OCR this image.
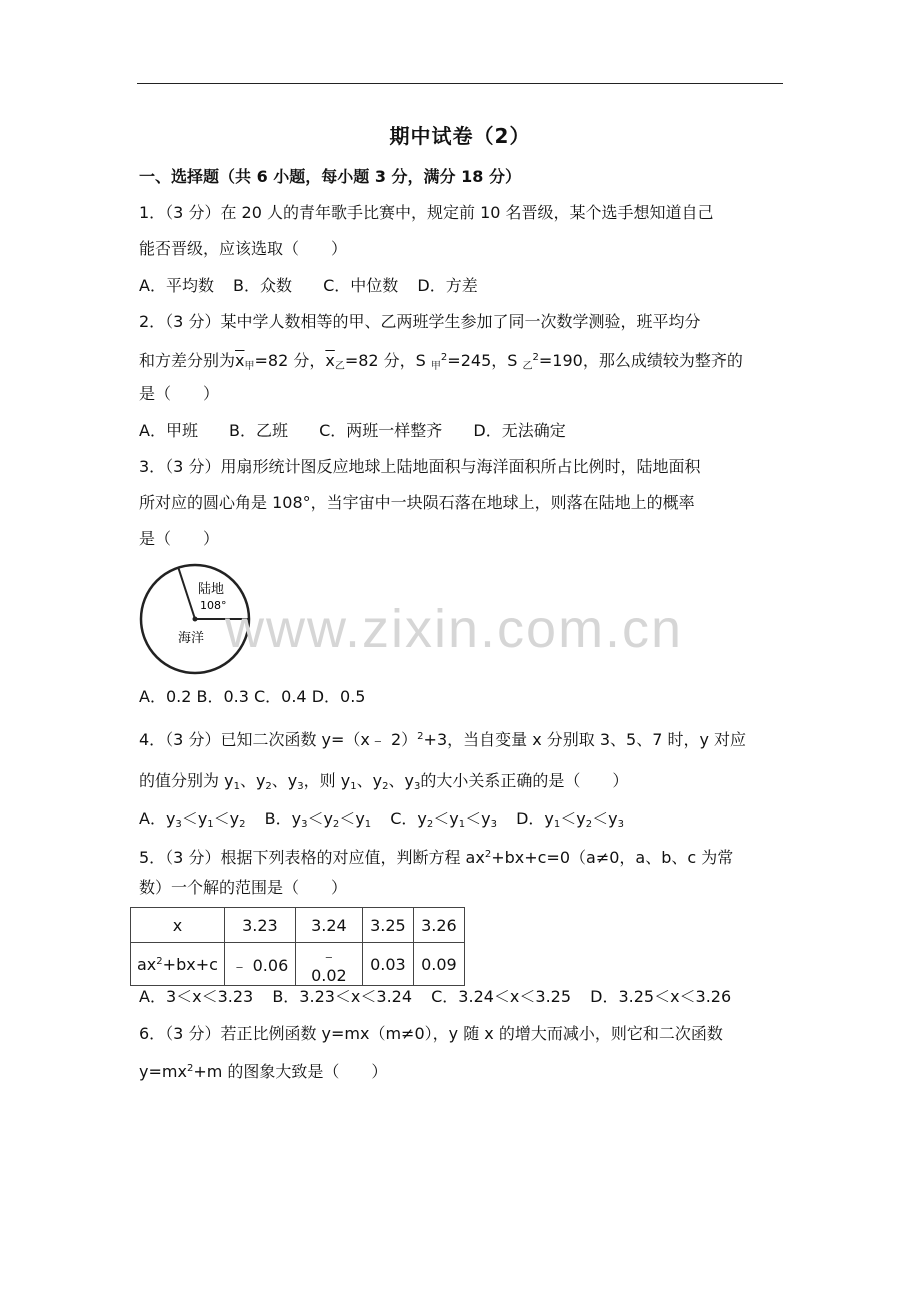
期中试卷（2）
一、选择题（共 6 小题，每小题 3 分，满分 18 分）
1．（3 分）在 20 人的青年歌手比赛中，规定前 10 名晋级，某个选手想知道自己
能否晋级，应该选取（　　）
A．平均数 B．众数 C．中位数 D．方差
2．（3 分）某中学人数相等的甲、乙两班学生参加了同一次数学测验，班平均分
和方差分别为$\overline{x}_甲=82$ 分，$\overline{x}_乙=82$ 分，S $_甲^2$=245，S $_乙^2$=190，那么成绩较为整齐的
是（　　）
A．甲班 B．乙班 C．两班一样整齐 D．无法确定
3．（3 分）用扇形统计图反应地球上陆地面积与海洋面积所占比例时，陆地面积
所对应的圆心角是 108°，当宇宙中一块陨石落在地球上，则落在陆地上的概率
是（　　）
陆地
108°
海洋 www.zixin.com.cn
A．0.2 B．0.3 C．0.4 D．0.5
4．（3 分）已知二次函数 y=（x﹣ 2）$^2$+3，当自变量 x 分别取 3、5、7 时，y 对应
的值分别为 $y_1$、$y_2$、$y_3$，则 $y_1$、$y_2$、$y_3$的大小关系正确的是（　　）
A．$y_3<y_1<y_2$ B．$y_3<y_2<y_1$ C．$y_2<y_1<y_3$ D．$y_1<y_2<y_3$
5．（3 分）根据下列表格的对应值，判断方程 $ax^2+bx+c=0(a\ne 0$，a、b、c 为常
数）一个解的范围是（　　）
x	3.23	3.24	3.25	3.26
$ax^2+bx+c$	﹣ 0.06	﹣ 0.02	0.03	0.09
A．3＜x＜3.23 B．3.23＜x＜3.24 C．3.24＜x＜3.25 D．3.25＜x＜3.26
6．（3 分）若正比例函数 y=mx（m≠0），y 随 x 的增大而减小，则它和二次函数
$y=mx^2+m$ 的图象大致是（　　）
